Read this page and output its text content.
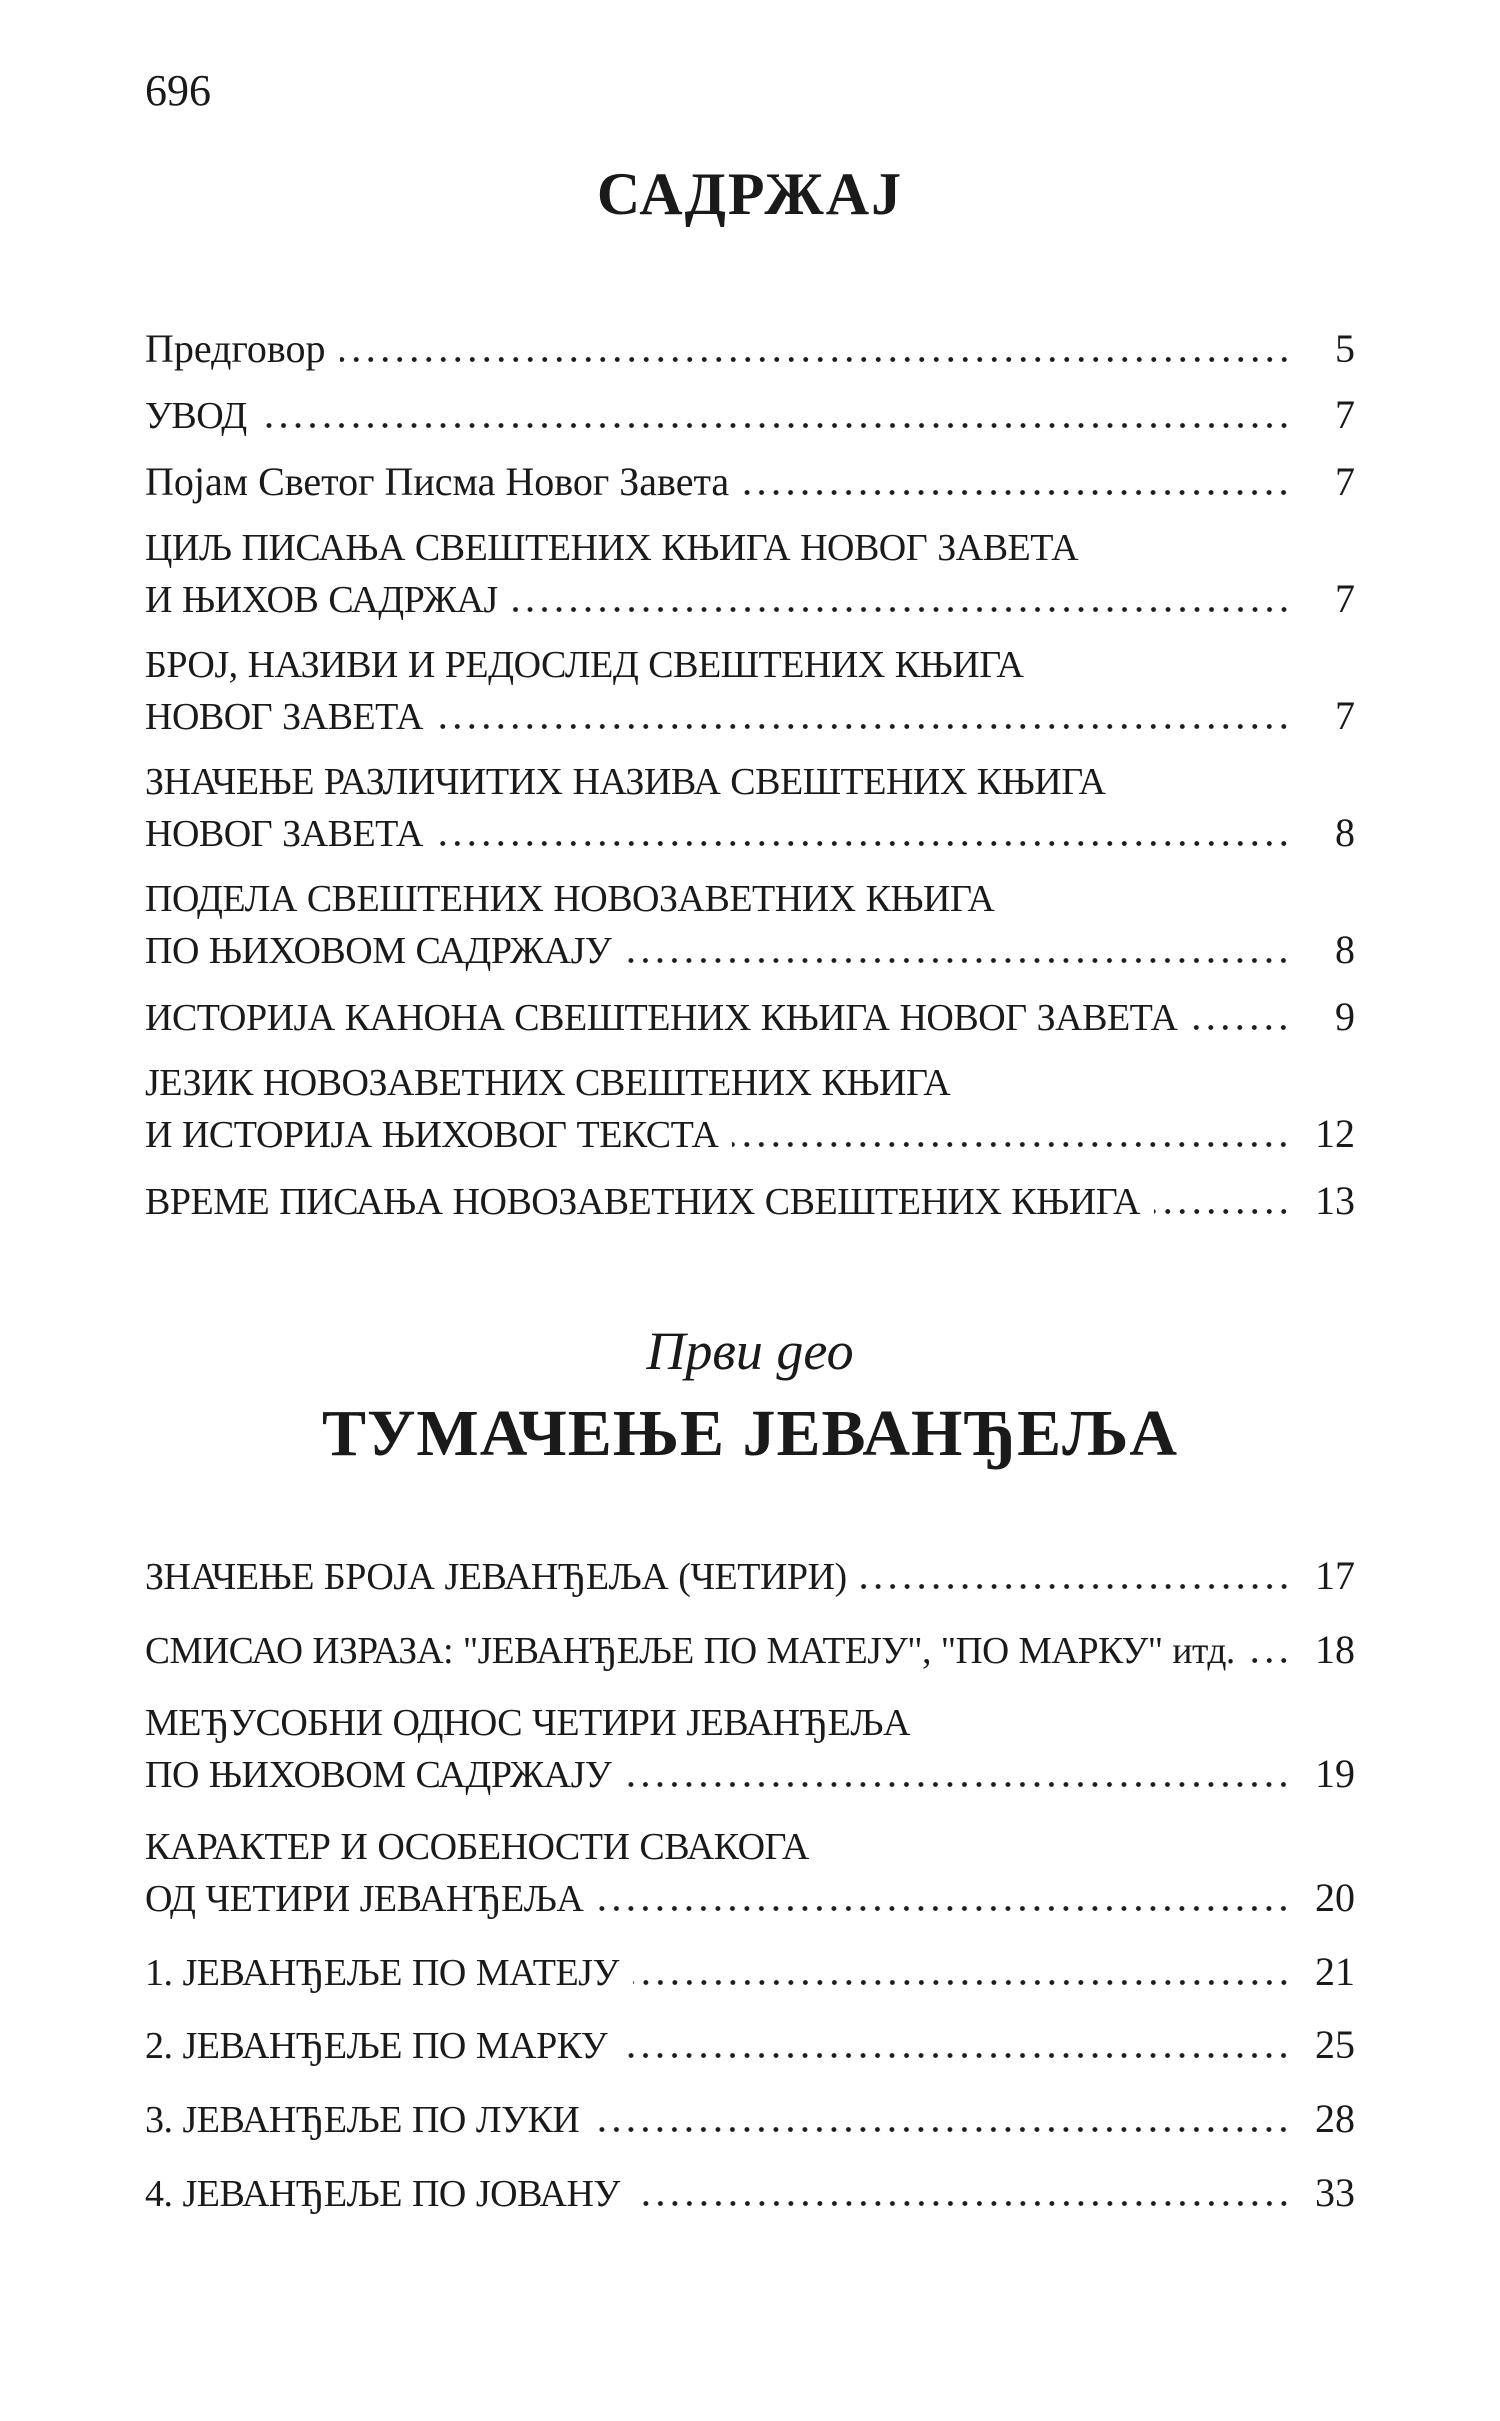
696
САДРЖАЈ
Предговор	5
УВОД	7
Појам Светог Писма Новог Завета	7
ЦИЉ ПИСАЊА СВЕШТЕНИХ КЊИГА НОВОГ ЗАВЕТА
И ЊИХОВ САДРЖАЈ	7
БРОЈ, НАЗИВИ И РЕДОСЛЕД СВЕШТЕНИХ КЊИГА
НОВОГ ЗАВЕТА	7
ЗНАЧЕЊЕ РАЗЛИЧИТИХ НАЗИВА СВЕШТЕНИХ КЊИГА
НОВОГ ЗАВЕТА	8
ПОДЕЛА СВЕШТЕНИХ НОВОЗАВЕТНИХ КЊИГА
ПО ЊИХОВОМ САДРЖАЈУ	8
ИСТОРИЈА КАНОНА СВЕШТЕНИХ КЊИГА НОВОГ ЗАВЕТА	9
ЈЕЗИК НОВОЗАВЕТНИХ СВЕШТЕНИХ КЊИГА
И ИСТОРИЈА ЊИХОВОГ ТЕКСТА	12
ВРЕМЕ ПИСАЊА НОВОЗАВЕТНИХ СВЕШТЕНИХ КЊИГА	13
Први део
ТУМАЧЕЊЕ ЈЕВАНЂЕЉА
ЗНАЧЕЊЕ БРОЈА ЈЕВАНЂЕЉА (ЧЕТИРИ)	17
СМИСАО ИЗРАЗА: "ЈЕВАНЂЕЉЕ ПО МАТЕЈУ", "ПО МАРКУ" итд. 18
МЕЂУСОБНИ ОДНОС ЧЕТИРИ ЈЕВАНЂЕЉА
ПО ЊИХОВОМ САДРЖАЈУ	19
КАРАКТЕР И ОСОБЕНОСТИ СВАКОГА
ОД ЧЕТИРИ ЈЕВАНЂЕЉА	20
1. ЈЕВАНЂЕЉЕ ПО МАТЕЈУ	21
2. ЈЕВАНЂЕЉЕ ПО МАРКУ	25
3. ЈЕВАНЂЕЉЕ ПО ЛУКИ	28
4. ЈЕВАНЂЕЉЕ ПО ЈОВАНУ	33
